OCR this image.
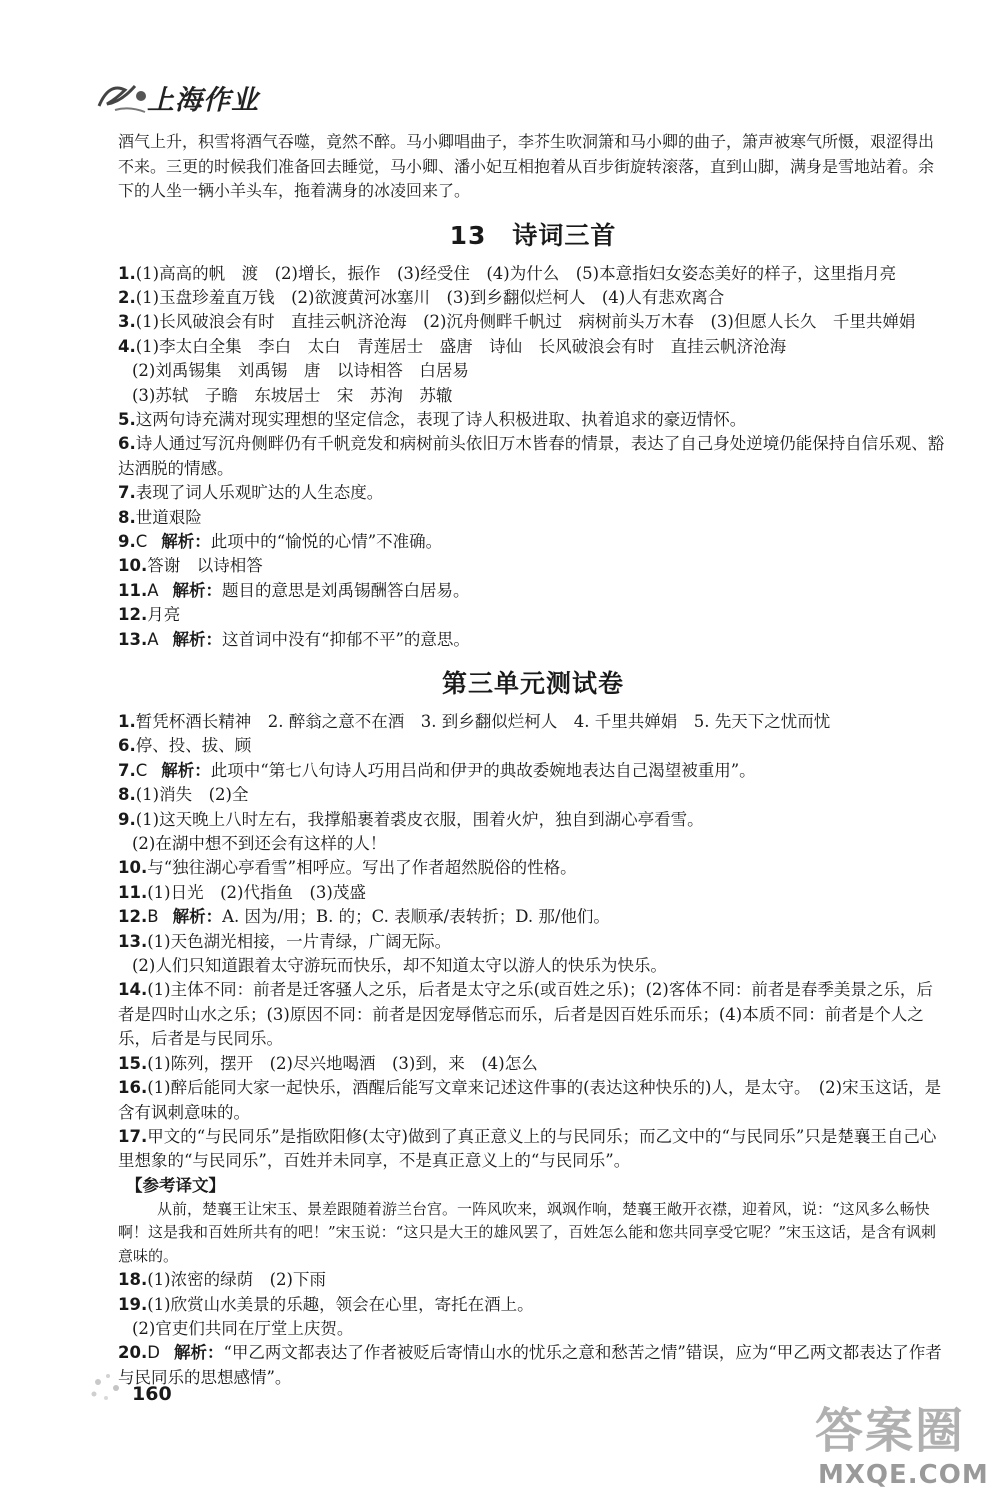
上海作业

酒气上升，积雪将酒气吞噬，竟然不醉。马小卿唱曲子，李芥生吹洞箫和马小卿的曲子，箫声被寒气所慑，艰涩得出不来。三更的时候我们准备回去睡觉，马小卿、潘小妃互相抱着从百步街旋转滚落，直到山脚，满身是雪地站着。余下的人坐一辆小羊头车，拖着满身的冰凌回来了。

13　诗词三首

1.(1)高高的帆　渡　(2)增长，振作　(3)经受住　(4)为什么　(5)本意指妇女姿态美好的样子，这里指月亮

2.(1)玉盘珍羞直万钱　(2)欲渡黄河冰塞川　(3)到乡翻似烂柯人　(4)人有悲欢离合

3.(1)长风破浪会有时　直挂云帆济沧海　(2)沉舟侧畔千帆过　病树前头万木春　(3)但愿人长久　千里共婵娟

4.(1)李太白全集　李白　太白　青莲居士　盛唐　诗仙　长风破浪会有时　直挂云帆济沧海

(2)刘禹锡集　刘禹锡　唐　以诗相答　白居易

(3)苏轼　子瞻　东坡居士　宋　苏洵　苏辙

5.这两句诗充满对现实理想的坚定信念，表现了诗人积极进取、执着追求的豪迈情怀。

6.诗人通过写沉舟侧畔仍有千帆竞发和病树前头依旧万木皆春的情景，表达了自己身处逆境仍能保持自信乐观、豁达洒脱的情感。

7.表现了词人乐观旷达的人生态度。

8.世道艰险

9.C 解析：此项中的“愉悦的心情”不准确。

10.答谢　以诗相答

11.A 解析：题目的意思是刘禹锡酬答白居易。

12.月亮

13.A 解析：这首词中没有“抑郁不平”的意思。

第三单元测试卷

1.暂凭杯酒长精神　2. 醉翁之意不在酒　3. 到乡翻似烂柯人　4. 千里共婵娟　5. 先天下之忧而忧

6.停、投、拔、顾

7.C 解析：此项中“第七八句诗人巧用吕尚和伊尹的典故委婉地表达自己渴望被重用”。

8.(1)消失　(2)全

9.(1)这天晚上八时左右，我撑船裹着裘皮衣服，围着火炉，独自到湖心亭看雪。

(2)在湖中想不到还会有这样的人！

10.与“独往湖心亭看雪”相呼应。写出了作者超然脱俗的性格。

11.(1)日光　(2)代指鱼　(3)茂盛

12.B 解析：A. 因为/用；B. 的；C. 表顺承/表转折；D. 那/他们。

13.(1)天色湖光相接，一片青绿，广阔无际。

(2)人们只知道跟着太守游玩而快乐，却不知道太守以游人的快乐为快乐。

14.(1)主体不同：前者是迁客骚人之乐，后者是太守之乐(或百姓之乐)；(2)客体不同：前者是春季美景之乐，后者是四时山水之乐；(3)原因不同：前者是因宠辱偕忘而乐，后者是因百姓乐而乐；(4)本质不同：前者是个人之乐，后者是与民同乐。

15.(1)陈列，摆开　(2)尽兴地喝酒　(3)到，来　(4)怎么

16.(1)醉后能同大家一起快乐，酒醒后能写文章来记述这件事的(表达这种快乐的)人，是太守。　(2)宋玉这话，是含有讽刺意味的。

17.甲文的“与民同乐”是指欧阳修(太守)做到了真正意义上的与民同乐；而乙文中的“与民同乐”只是楚襄王自己心里想象的“与民同乐”，百姓并未同享，不是真正意义上的“与民同乐”。

【参考译文】

从前，楚襄王让宋玉、景差跟随着游兰台宫。一阵风吹来，飒飒作响，楚襄王敞开衣襟，迎着风，说：“这风多么畅快啊！这是我和百姓所共有的吧！”宋玉说：“这只是大王的雄风罢了，百姓怎么能和您共同享受它呢？”宋玉这话，是含有讽刺意味的。

18.(1)浓密的绿荫　(2)下雨

19.(1)欣赏山水美景的乐趣，领会在心里，寄托在酒上。

(2)官吏们共同在厅堂上庆贺。

20.D 解析：“甲乙两文都表达了作者被贬后寄情山水的忧乐之意和愁苦之情”错误，应为“甲乙两文都表达了作者与民同乐的思想感情”。

160
答案圈
MXQE.COM
